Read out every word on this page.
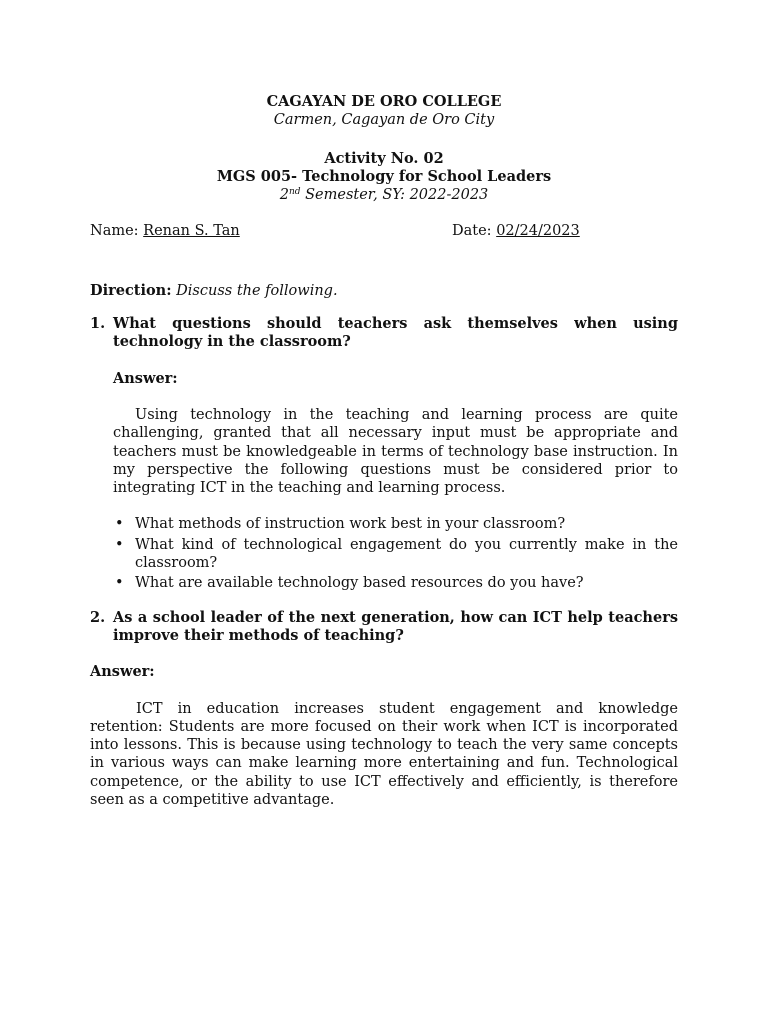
CAGAYAN DE ORO COLLEGE
Carmen, Cagayan de Oro City
Activity No. 02
MGS 005- Technology for School Leaders
2nd Semester, SY: 2022-2023
Name: Renan S. Tan	Date: 02/24/2023
Direction: Discuss the following.
1. What questions should teachers ask themselves when using technology in the classroom?
Answer:
Using technology in the teaching and learning process are quite challenging, granted that all necessary input must be appropriate and teachers must be knowledgeable in terms of technology base instruction. In my perspective the following questions must be considered prior to integrating ICT in the teaching and learning process.
• What methods of instruction work best in your classroom?
• What kind of technological engagement do you currently make in the classroom?
• What are available technology based resources do you have?
2. As a school leader of the next generation, how can ICT help teachers improve their methods of teaching?
Answer:
ICT in education increases student engagement and knowledge retention: Students are more focused on their work when ICT is incorporated into lessons. This is because using technology to teach the very same concepts in various ways can make learning more entertaining and fun. Technological competence, or the ability to use ICT effectively and efficiently, is therefore seen as a competitive advantage.
